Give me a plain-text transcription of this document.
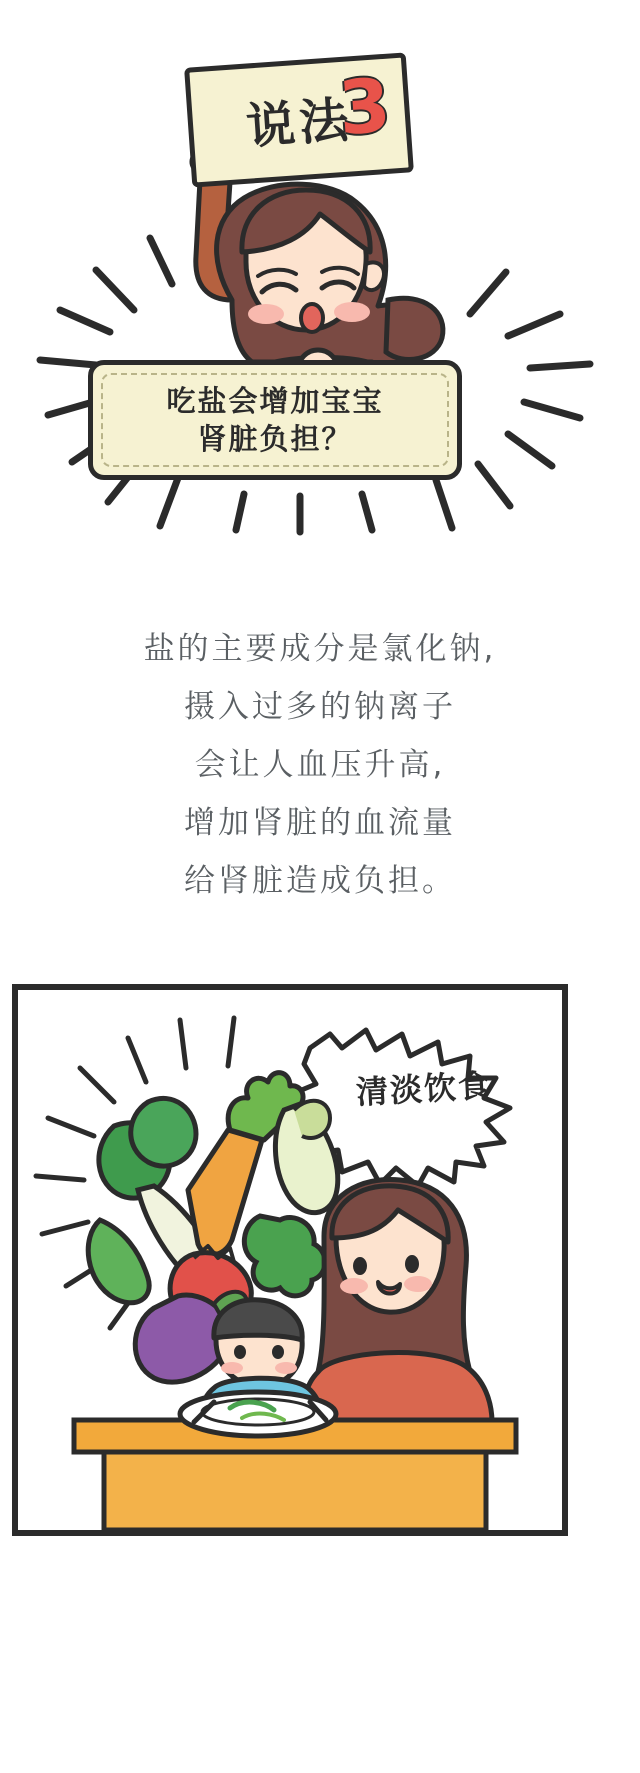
说法
3
吃盐会增加宝宝
肾脏负担？
盐的主要成分是氯化钠,
摄入过多的钠离子
会让人血压升高,
增加肾脏的血流量
给肾脏造成负担。
清淡饮食
